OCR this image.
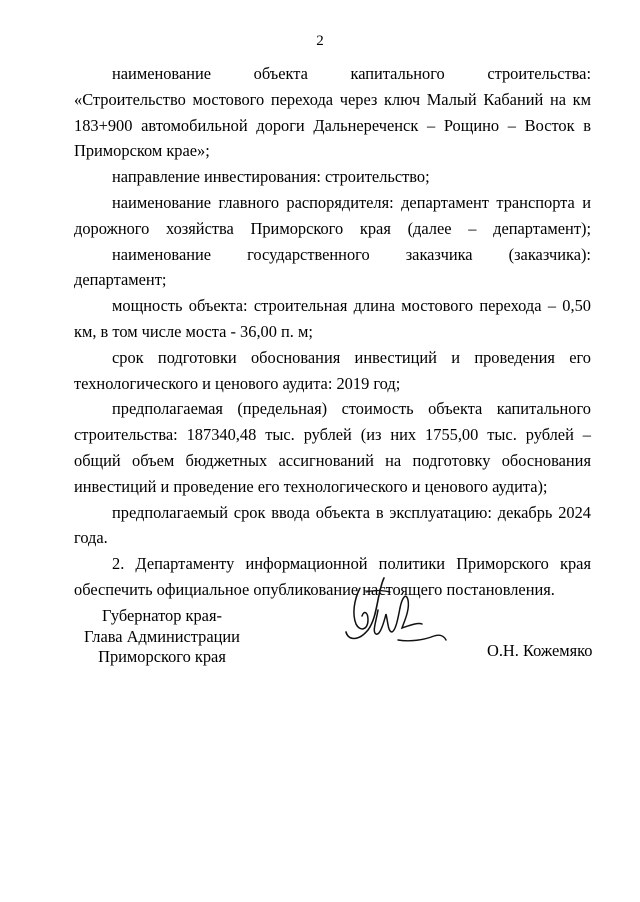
2

наименование объекта капитального строительства: «Строительство мостового перехода через ключ Малый Кабаний на км 183+900 автомобильной дороги Дальнереченск – Рощино – Восток в Приморском крае»;

направление инвестирования: строительство;

наименование главного распорядителя: департамент транспорта и дорожного хозяйства Приморского края (далее – департамент);

наименование государственного заказчика (заказчика): департамент;

мощность объекта: строительная длина мостового перехода – 0,50 км, в том числе моста - 36,00 п. м;

срок подготовки обоснования инвестиций и проведения его технологического и ценового аудита: 2019 год;

предполагаемая (предельная) стоимость объекта капитального строительства: 187340,48 тыс. рублей (из них 1755,00 тыс. рублей – общий объем бюджетных ассигнований на подготовку обоснования инвестиций и проведение его технологического и ценового аудита);

предполагаемый срок ввода объекта в эксплуатацию: декабрь 2024 года.

2. Департаменту информационной политики Приморского края обеспечить официальное опубликование настоящего постановления.

Губернатор края-
Глава Администрации
Приморского края	О.Н. Кожемяко
